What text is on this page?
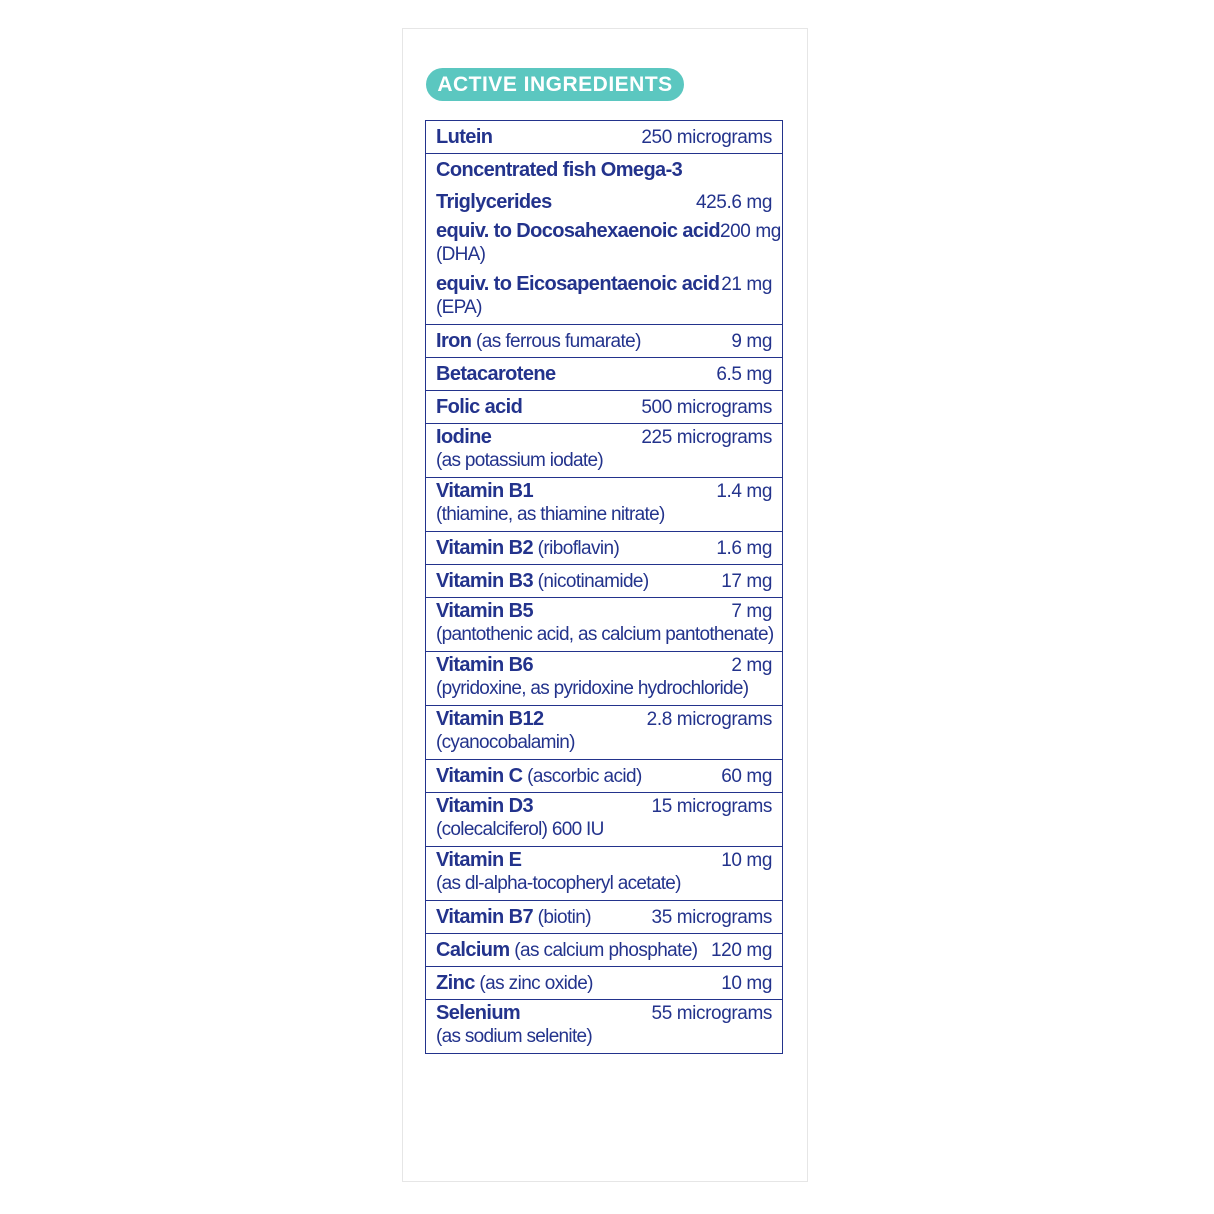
ACTIVE INGREDIENTS
Lutein	250 micrograms
Concentrated fish Omega-3
Triglycerides	425.6 mg
equiv. to Docosahexaenoic acid 200 mg
(DHA)
equiv. to Eicosapentaenoic acid 21 mg
(EPA)
Iron (as ferrous fumarate)	9 mg
Betacarotene	6.5 mg
Folic acid	500 micrograms
Iodine	225 micrograms
(as potassium iodate)
Vitamin B1	1.4 mg
(thiamine, as thiamine nitrate)
Vitamin B2 (riboflavin)	1.6 mg
Vitamin B3 (nicotinamide)	17 mg
Vitamin B5	7 mg
(pantothenic acid, as calcium pantothenate)
Vitamin B6	2 mg
(pyridoxine, as pyridoxine hydrochloride)
Vitamin B12	2.8 micrograms
(cyanocobalamin)
Vitamin C (ascorbic acid)	60 mg
Vitamin D3	15 micrograms
(colecalciferol) 600 IU
Vitamin E	10 mg
(as dl-alpha-tocopheryl acetate)
Vitamin B7 (biotin)	35 micrograms
Calcium (as calcium phosphate) 120 mg
Zinc (as zinc oxide)	10 mg
Selenium	55 micrograms
(as sodium selenite)
